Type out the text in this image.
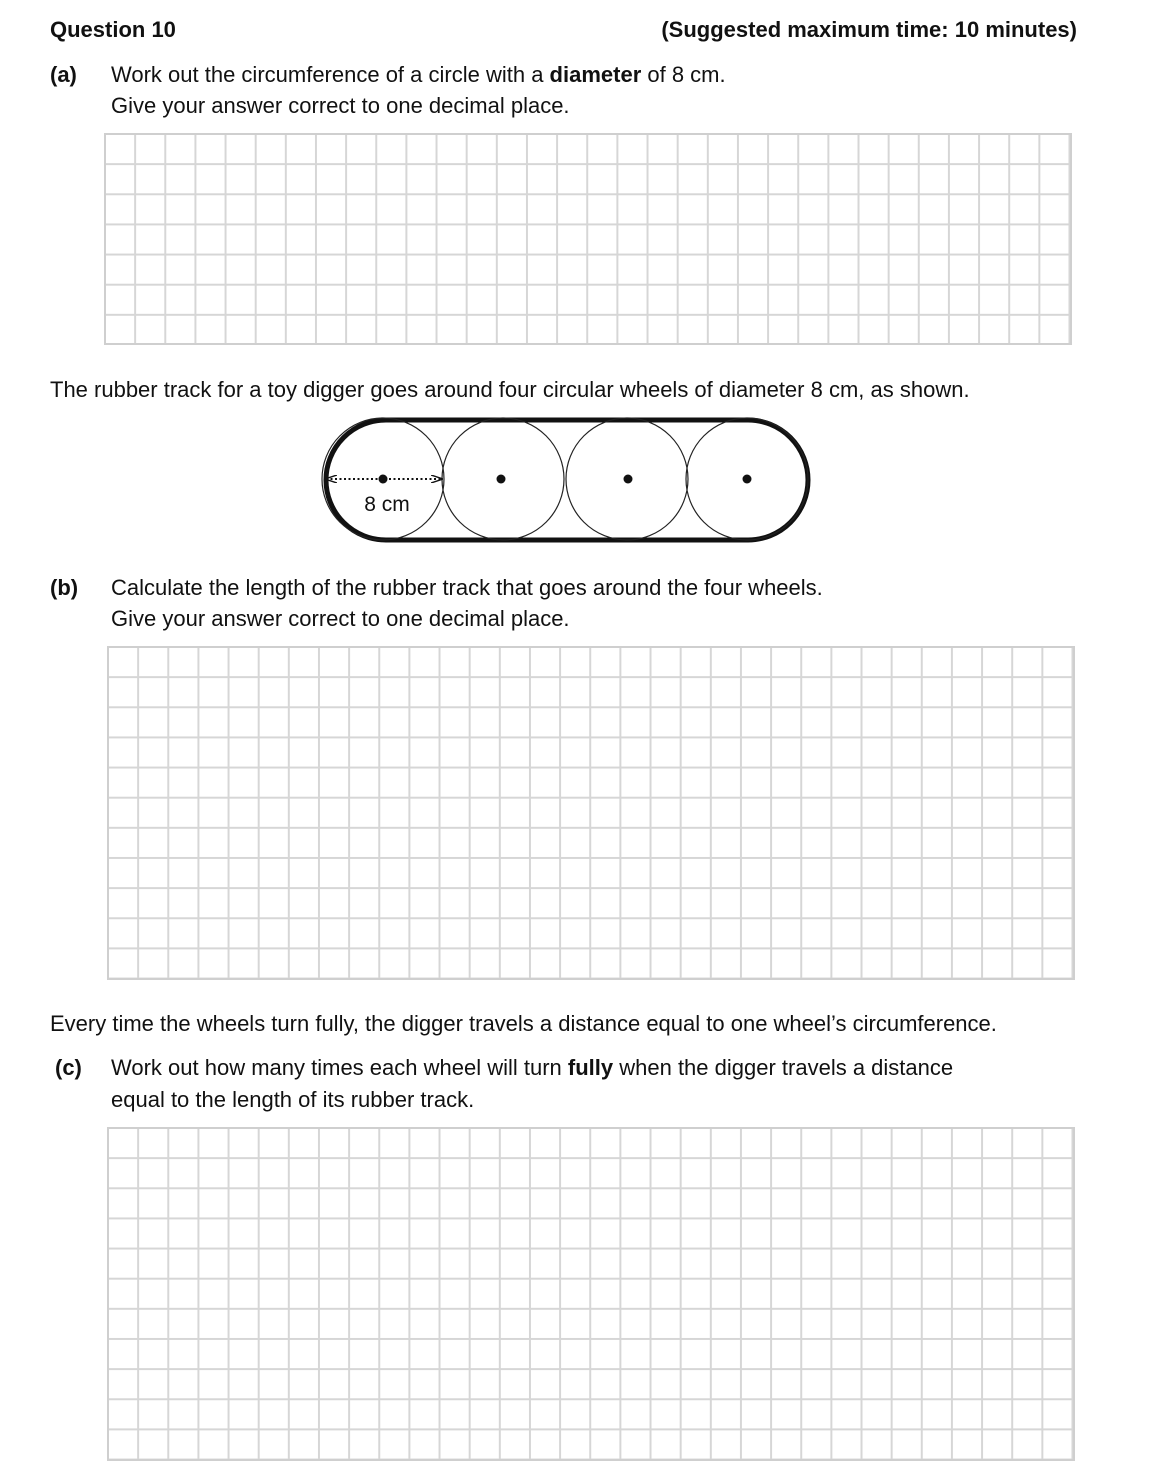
Question 10	(Suggested maximum time: 10 minutes)
(a) Work out the circumference of a circle with a diameter of 8 cm.
Give your answer correct to one decimal place.
The rubber track for a toy digger goes around four circular wheels of diameter 8 cm, as shown.
8 cm
(b) Calculate the length of the rubber track that goes around the four wheels.
Give your answer correct to one decimal place.
Every time the wheels turn fully, the digger travels a distance equal to one wheel’s circumference.
(c) Work out how many times each wheel will turn fully when the digger travels a distance
equal to the length of its rubber track.
